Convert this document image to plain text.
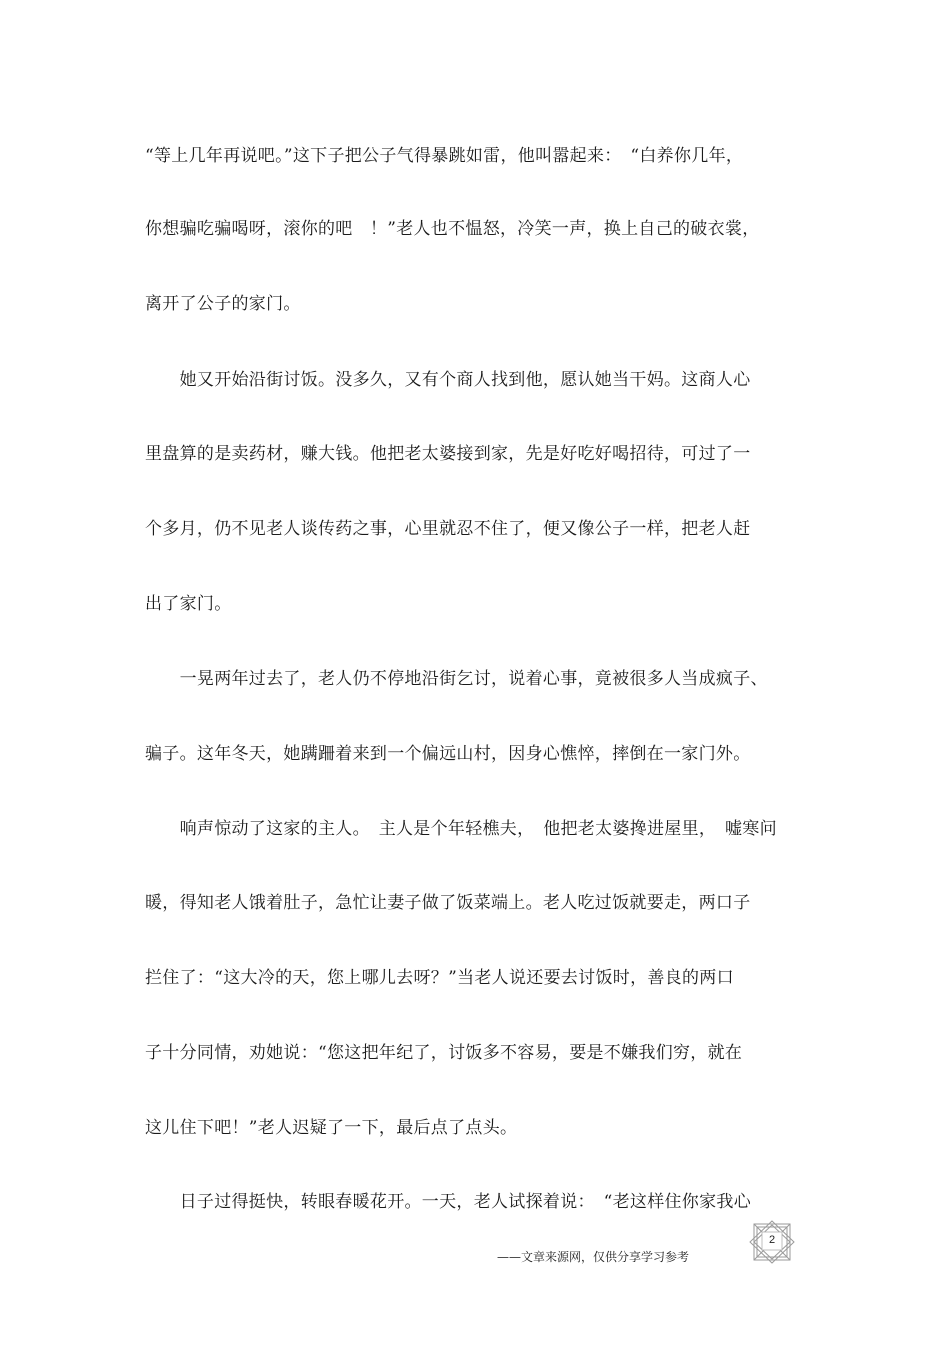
“等上几年再说吧。”这下子把公子气得暴跳如雷，他叫嚣起来：　“白养你几年，
你想骗吃骗喝呀，滚你的吧　！”老人也不愠怒，冷笑一声，换上自己的破衣裳，
离开了公子的家门。
　　她又开始沿街讨饭。没多久，又有个商人找到他，愿认她当干妈。这商人心
里盘算的是卖药材，赚大钱。他把老太婆接到家，先是好吃好喝招待，可过了一
个多月，仍不见老人谈传药之事，心里就忍不住了，便又像公子一样，把老人赶
出了家门。
　　一晃两年过去了，老人仍不停地沿街乞讨，说着心事，竟被很多人当成疯子、
骗子。这年冬天，她蹒跚着来到一个偏远山村，因身心憔悴，摔倒在一家门外。
　　响声惊动了这家的主人。　主人是个年轻樵夫，　他把老太婆搀进屋里，　嘘寒问
暖，得知老人饿着肚子，急忙让妻子做了饭菜端上。老人吃过饭就要走，两口子
拦住了：“这大冷的天，您上哪儿去呀？”当老人说还要去讨饭时，善良的两口
子十分同情，劝她说：“您这把年纪了，讨饭多不容易，要是不嫌我们穷，就在
这儿住下吧！”老人迟疑了一下，最后点了点头。
　　日子过得挺快，转眼春暖花开。一天，老人试探着说：　“老这样住你家我心
——文章来源网，仅供分享学习参考
2
